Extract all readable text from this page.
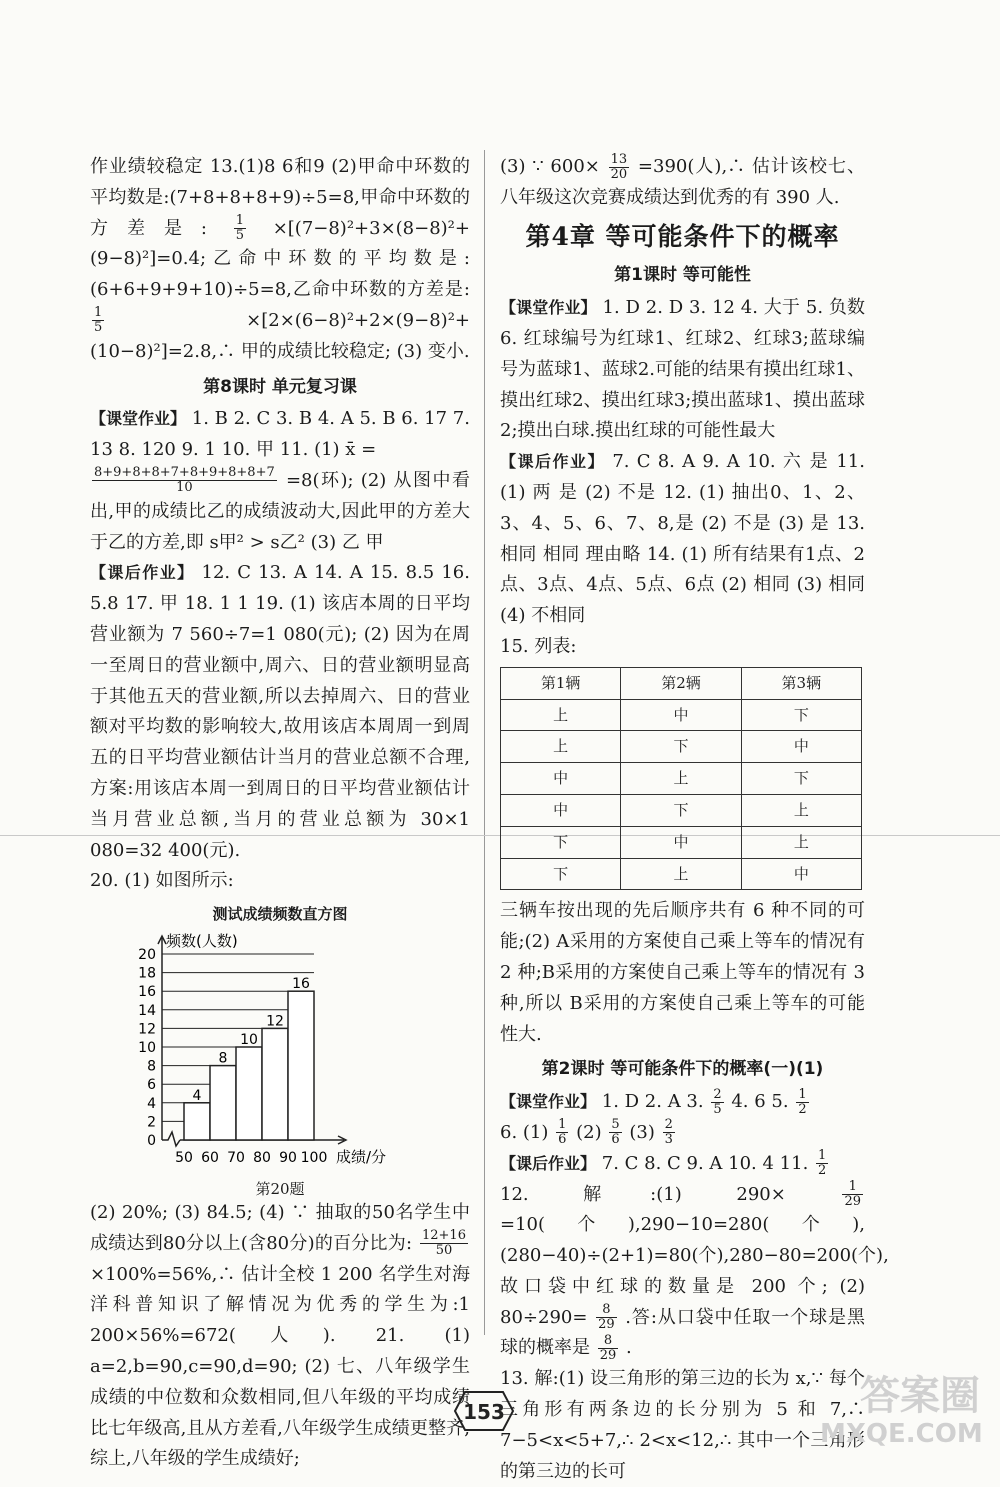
作业绩较稳定 13.(1)8 6和9 (2)甲命中环数的平均数是:(7+8+8+8+9)÷5=8,甲命中环数的方差是: $\frac{1}{5} \times[(7-8)^2+3\times(8-8)^2+(9-8)^2]=0.4$;乙命中环数的平均数是:(6+6+9+9+10)÷5=8,乙命中环数的方差是:
$\frac{1}{5}$	×[2×(6−8)²+2×(9−8)²+(10−8)²]=2.8,∴ 甲的成绩比较稳定; (3) 变小.

第8课时 单元复习课

【课堂作业】 1. B 2. C 3. B 4. A 5. B 6. 17 7. 13 8. 120 9. 1 10. 甲 11. (1) x̄ =

$\frac{8+9+8+8+7+8+9+8+8+7}{10} =8$(环); (2) 从图中看出,甲的成绩比乙的成绩波动大,因此甲的方差大于乙的方差,即 s甲² > s乙² (3) 乙 甲

【课后作业】 12. C 13. A 14. A 15. 8.5 16. 5.8 17. 甲 18. 1 1 19. (1) 该店本周的日平均营业额为 7 560÷7=1 080(元); (2) 因为在周一至周日的营业额中,周六、日的营业额明显高于其他五天的营业额,所以去掉周六、日的营业额对平均数的影响较大,故用该店本周周一到周五的日平均营业额估计当月的营业总额不合理,方案:用该店本周一到周日的日平均营业额估计当月营业总额,当月的营业总额为 30×1 080=32 400(元).

20. (1) 如图所示:

测试成绩频数直方图
0
2
4
6
8
10
12
14
16
18
20
频数(人数)
4
8
10
12
16
50 60 70 80 90 100 成绩/分
第20题

(2) 20%; (3) 84.5; (4) ∵ 抽取的50名学生中成绩达到80分以上(含80分)的百分比为: $\frac{12+16}{50}$
×100%=56%,∴ 估计全校 1 200 名学生对海洋科普知识了解情况为优秀的学生为:1 200×56%=672(人). 21. (1) a=2,b=90,c=90,d=90; (2) 七、八年级学生成绩的中位数和众数相同,但八年级的平均成绩比七年级高,且从方差看,八年级学生成绩更整齐,综上,八年级的学生成绩好;

(3) ∵ $600\times \frac{13}{20} =390$(人),∴ 估计该校七、八年级这次竞赛成绩达到优秀的有 390 人.

第4章 等可能条件下的概率
第1课时 等可能性

【课堂作业】 1. D 2. D 3. 12 4. 大于 5. 负数 6. 红球编号为红球1、红球2、红球3;蓝球编号为蓝球1、蓝球2.可能的结果有摸出红球1、摸出红球2、摸出红球3;摸出蓝球1、摸出蓝球2;摸出白球.摸出红球的可能性最大

【课后作业】 7. C 8. A 9. A 10. 六 是 11. (1) 两 是 (2) 不是 12. (1) 抽出0、1、2、3、4、5、6、7、8,是 (2) 不是 (3) 是 13. 相同 相同 理由略 14. (1) 所有结果有1点、2点、3点、4点、5点、6点 (2) 相同 (3) 相同 (4) 不相同

15. 列表:

第1辆	第2辆	第3辆
上	中	下
上	下	中
中	上	下
中	下	上
下	中	上
下	上	中

三辆车按出现的先后顺序共有 6 种不同的可能;(2) A采用的方案使自己乘上等车的情况有 2 种;B采用的方案使自己乘上等车的情况有 3 种,所以 B采用的方案使自己乘上等车的可能性大.

第2课时 等可能条件下的概率(一)(1)

【课堂作业】 1. D 2. A 3. $\frac{2}{5} 4$. 6 5. $\frac{1}{2}$

6. $(1) \frac{1}{6} (2) \frac{5}{6} (3) \frac{2}{3}$

【课后作业】 7. C 8. C 9. A 10. 4 11. $\frac{1}{2}$

12. 解:(1) 290×	$\frac{1}{29}$
=10(个),290−10=280(个),(280−40)÷(2+1)=80(个),280−80=200(个),故口袋中红球的数量是 200 个; (2) $80\div 290= \frac{8}{29}$ .答:从口袋中任取一个球是黑球的概率是 $\frac{8}{29}$ .

13. 解:(1) 设三角形的第三边的长为 x,∵ 每个三角形有两条边的长分别为 5 和 7,∴ 7−5<x<5+7,∴ 2<x<12,∴ 其中一个三角形的第三边的长可

153	答案圈
MXQE.COM
